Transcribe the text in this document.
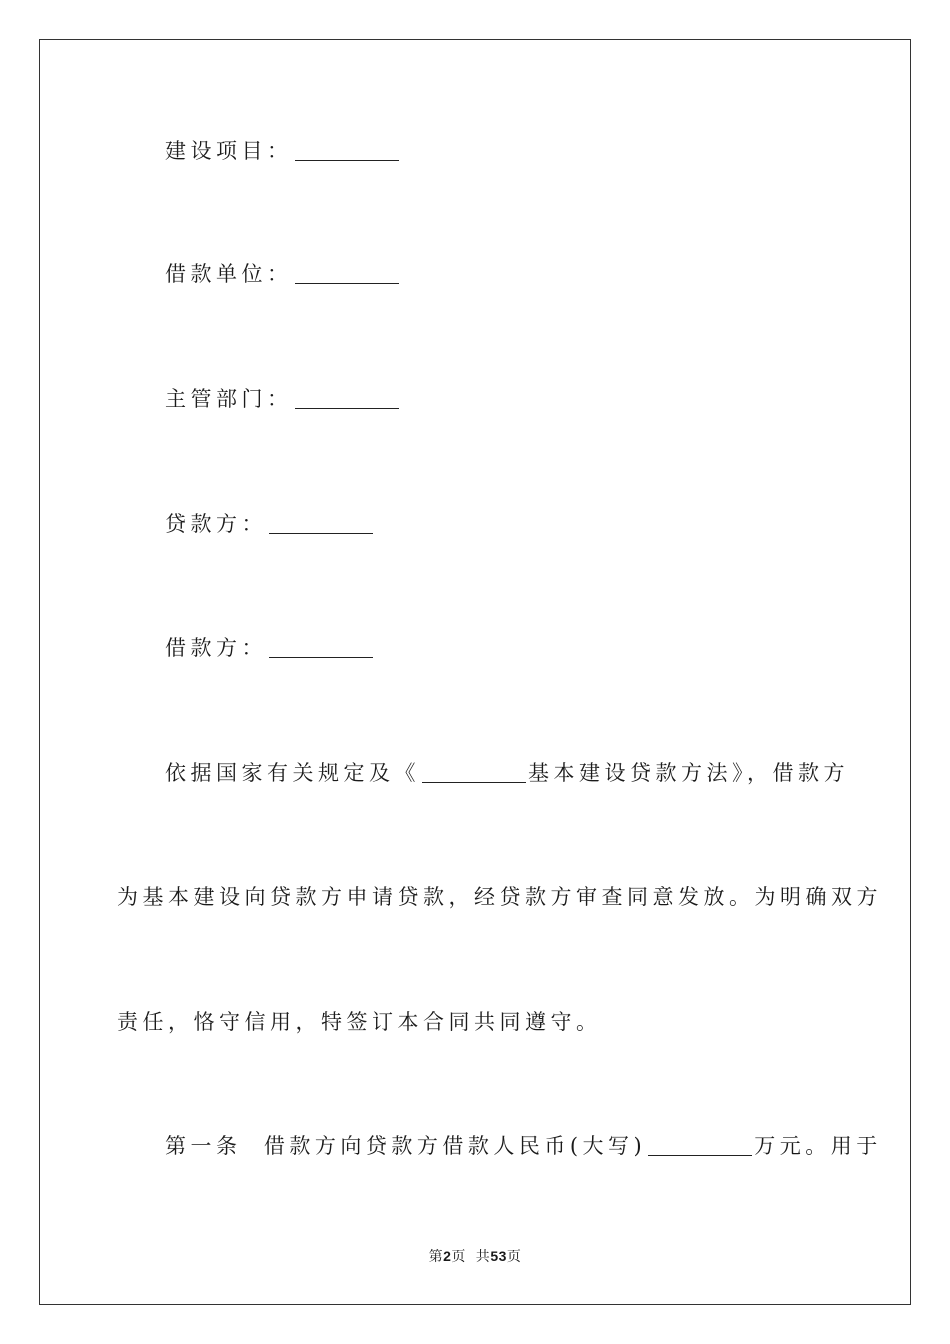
建设项目：
借款单位：
主管部门：
贷款方：
借款方：
依据国家有关规定及《	基本建设贷款方法》，借款方
为基本建设向贷款方申请贷款，经贷款方审查同意发放。为明确双方
责任，恪守信用，特签订本合同共同遵守。
第一条  借款方向贷款方借款人民币(大写)	万元。用于
第2页  共53页
